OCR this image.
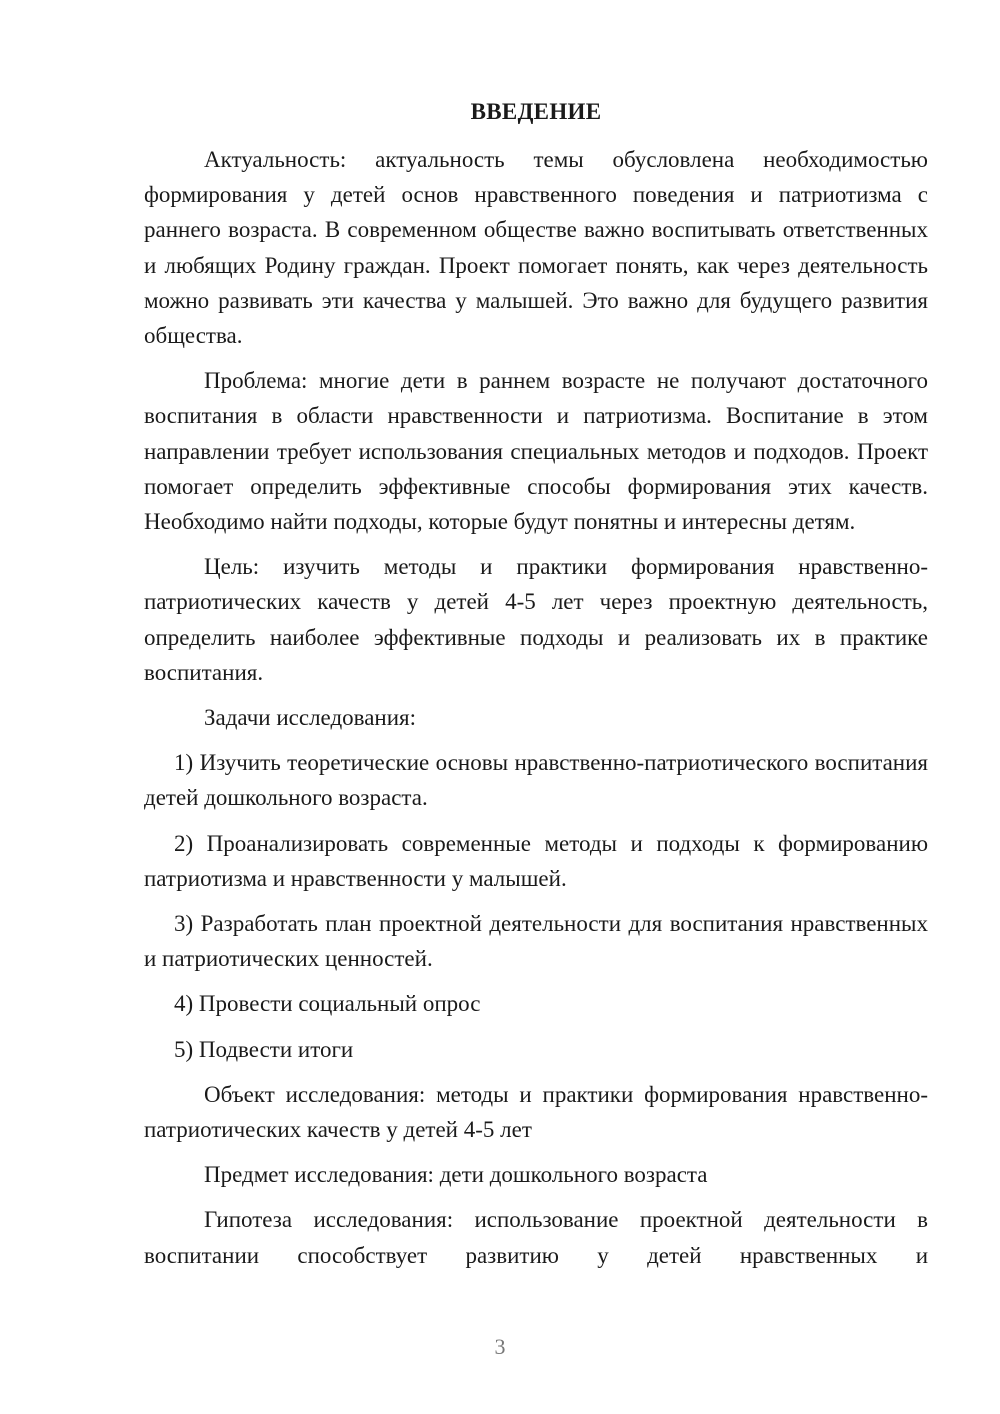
ВВЕДЕНИЕ

Актуальность: актуальность темы обусловлена необходимостью формирования у детей основ нравственного поведения и патриотизма с раннего возраста. В современном обществе важно воспитывать ответственных и любящих Родину граждан. Проект помогает понять, как через деятельность можно развивать эти качества у малышей. Это важно для будущего развития общества.

Проблема: многие дети в раннем возрасте не получают достаточного воспитания в области нравственности и патриотизма. Воспитание в этом направлении требует использования специальных методов и подходов. Проект помогает определить эффективные способы формирования этих качеств. Необходимо найти подходы, которые будут понятны и интересны детям.

Цель: изучить методы и практики формирования нравственно-патриотических качеств у детей 4-5 лет через проектную деятельность, определить наиболее эффективные подходы и реализовать их в практике воспитания.

Задачи исследования:

1) Изучить теоретические основы нравственно-патриотического воспитания детей дошкольного возраста.

2) Проанализировать современные методы и подходы к формированию патриотизма и нравственности у малышей.

3) Разработать план проектной деятельности для воспитания нравственных и патриотических ценностей.

4) Провести социальный опрос

5) Подвести итоги

Объект исследования: методы и практики формирования нравственно-патриотических качеств у детей 4-5 лет

Предмет исследования: дети дошкольного возраста

Гипотеза исследования: использование проектной деятельности в воспитании способствует развитию у детей нравственных и

3
